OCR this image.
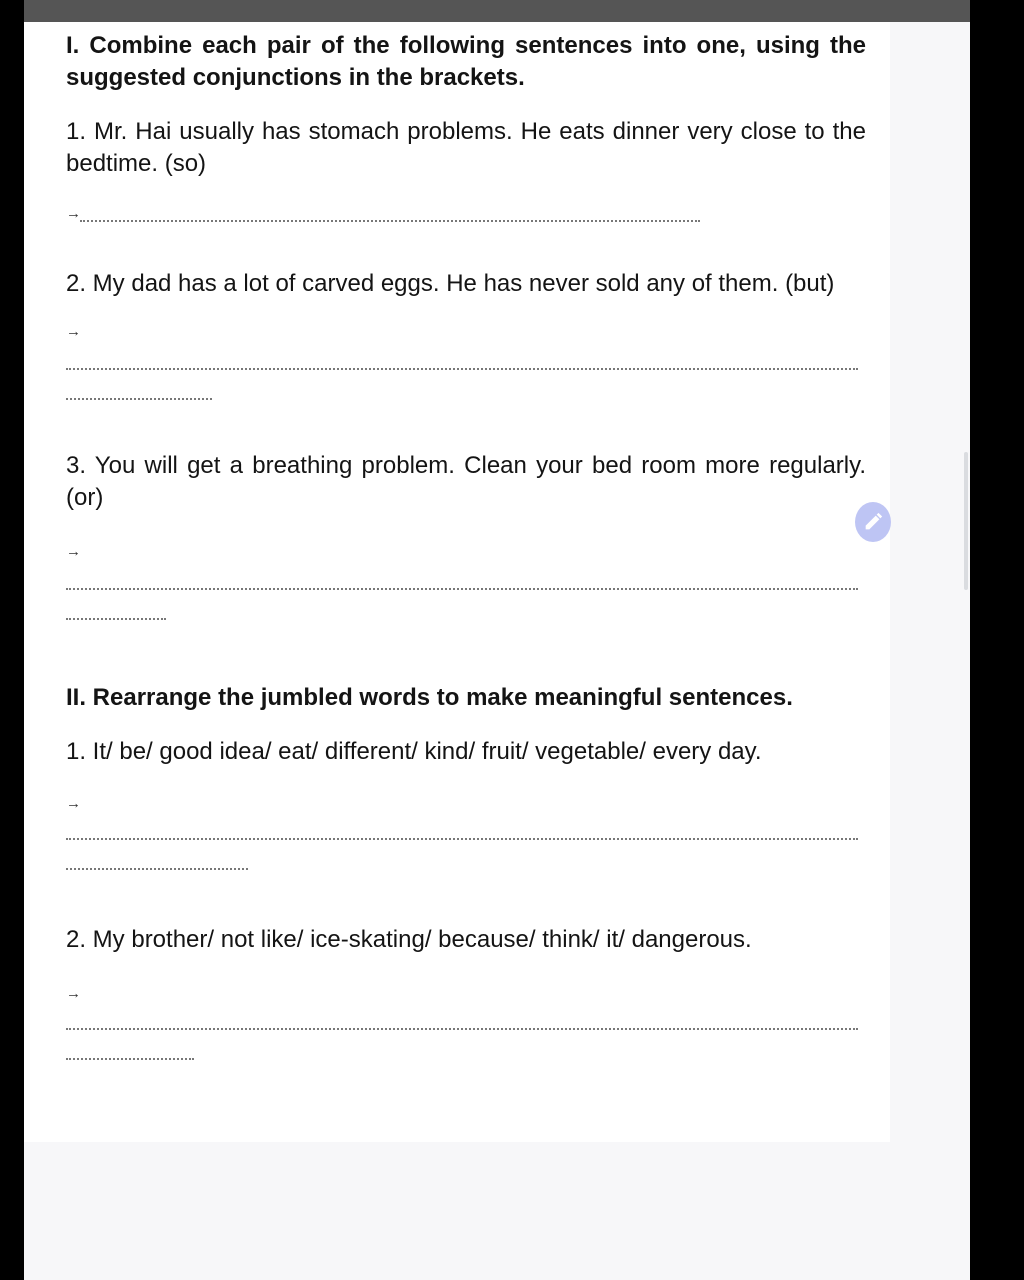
I. Combine each pair of the following sentences into one, using the suggested conjunctions in the brackets.

1. Mr. Hai usually has stomach problems. He eats dinner very close to the bedtime. (so)

→

2. My dad has a lot of carved eggs. He has never sold any of them. (but)

→

3. You will get a breathing problem. Clean your bed room more regularly. (or)

→

II. Rearrange the jumbled words to make meaningful sentences.

1. It/ be/ good idea/ eat/ different/ kind/ fruit/ vegetable/ every day.

→

2. My brother/ not like/ ice-skating/ because/ think/ it/ dangerous.

→
